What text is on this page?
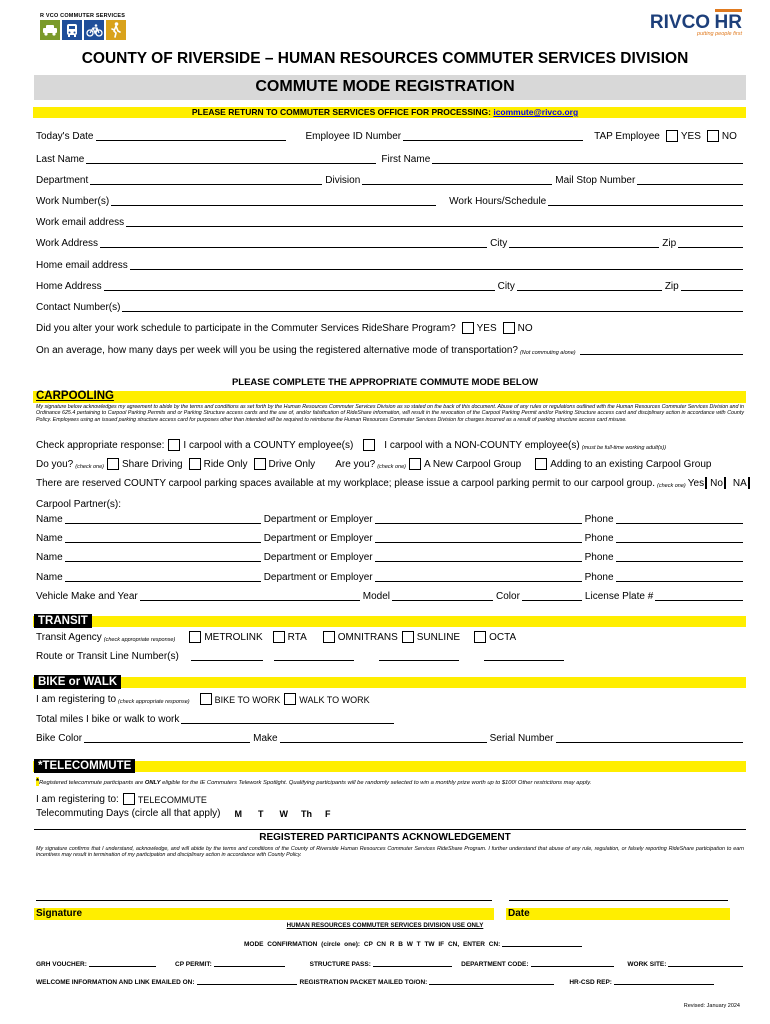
R VCO COMMUTER SERVICES	RIVCO HR
putting people first
COUNTY OF RIVERSIDE – HUMAN RESOURCES COMMUTER SERVICES DIVISION
COMMUTE MODE REGISTRATION
PLEASE RETURN TO COMMUTER SERVICES OFFICE FOR PROCESSING: icommute@rivco.org
Today's Date	Employee ID Number	TAP Employee YES NO
Last Name	First Name
Department	Division	Mail Stop Number
Work Number(s)	Work Hours/Schedule
Work email address
Work Address	City	Zip
Home email address
Home Address	City	Zip
Contact Number(s)
Did you alter your work schedule to participate in the Commuter Services RideShare Program? YES NO
On an average, how many days per week will you be using the registered alternative mode of transportation? (Not commuting alone)
PLEASE COMPLETE THE APPROPRIATE COMMUTE MODE BELOW
CARPOOLING
My signature below acknowledges my agreement to abide by the terms and conditions as set forth by the Human Resources Commuter Services Division as so stated on the back of this document. Abuse of any rules or regulations outlined with the Human Resources Commuter Services Division and in Ordinance 625.4 pertaining to Carpool Parking Permits and or Parking Structure access cards and the use of, and/or falsification of RideShare information, will result in the revocation of the Carpool Parking Permit and/or Parking Structure access card and disciplinary action in accordance with County Policy. Employees using an issued parking structure access card for purposes other than intended will be required to reimburse the Human Resources Commuter Services Division for charges incurred as a result of parking structure access card misuse.
Check appropriate response: I carpool with a COUNTY employee(s)	I carpool with a NON-COUNTY employee(s) (must be full-time working adult(s))
Do you? (check one) Share Driving Ride Only Drive Only Are you? (check one) A New Carpool Group	Adding to an existing Carpool Group
There are reserved COUNTY carpool parking spaces available at my workplace; please issue a carpool parking permit to our carpool group. (check one) Yes No NA
Carpool Partner(s):
Name	Department or Employer	Phone
Name	Department or Employer	Phone
Name	Department or Employer	Phone
Name	Department or Employer	Phone
Vehicle Make and Year	Model	Color	License Plate #
TRANSIT
Transit Agency (check appropriate response)	METROLINK	RTA	OMNITRANS SUNLINE	OCTA
Route or Transit Line Number(s)
BIKE or WALK
I am registering to (check appropriate response)	BIKE TO WORK WALK TO WORK
Total miles I bike or walk to work
Bike Color	Make	Serial Number
*TELECOMMUTE
*Registered telecommute participants are ONLY eligible for the IE Commuters Telework Spotlight. Qualifying participants will be randomly selected to win a monthly prize worth up to $100! Other restrictions may apply.
I am registering to: TELECOMMUTE
Telecommuting Days (circle all that apply) M T W Th F
REGISTERED PARTICIPANTS ACKNOWLEDGEMENT
My signature confirms that I understand, acknowledge, and will abide by the terms and conditions of the County of Riverside Human Resources Commuter Services RideShare Program. I further understand that abuse of any rule, regulation, or falsely reporting RideShare participation to earn incentives may result in termination of my participation and disciplinary action in accordance with County Policy.
Signature	Date
HUMAN RESOURCES COMMUTER SERVICES DIVISION USE ONLY
MODE CONFIRMATION (circle one): CP CN R B W T TW IF CN, ENTER CN:
GRH VOUCHER:	CP PERMIT:	STRUCTURE PASS:	DEPARTMENT CODE:	WORK SITE:
WELCOME INFORMATION AND LINK EMAILED ON:	REGISTRATION PACKET MAILED TO/ON:	HR-CSD REP:
Revised: January 2024
